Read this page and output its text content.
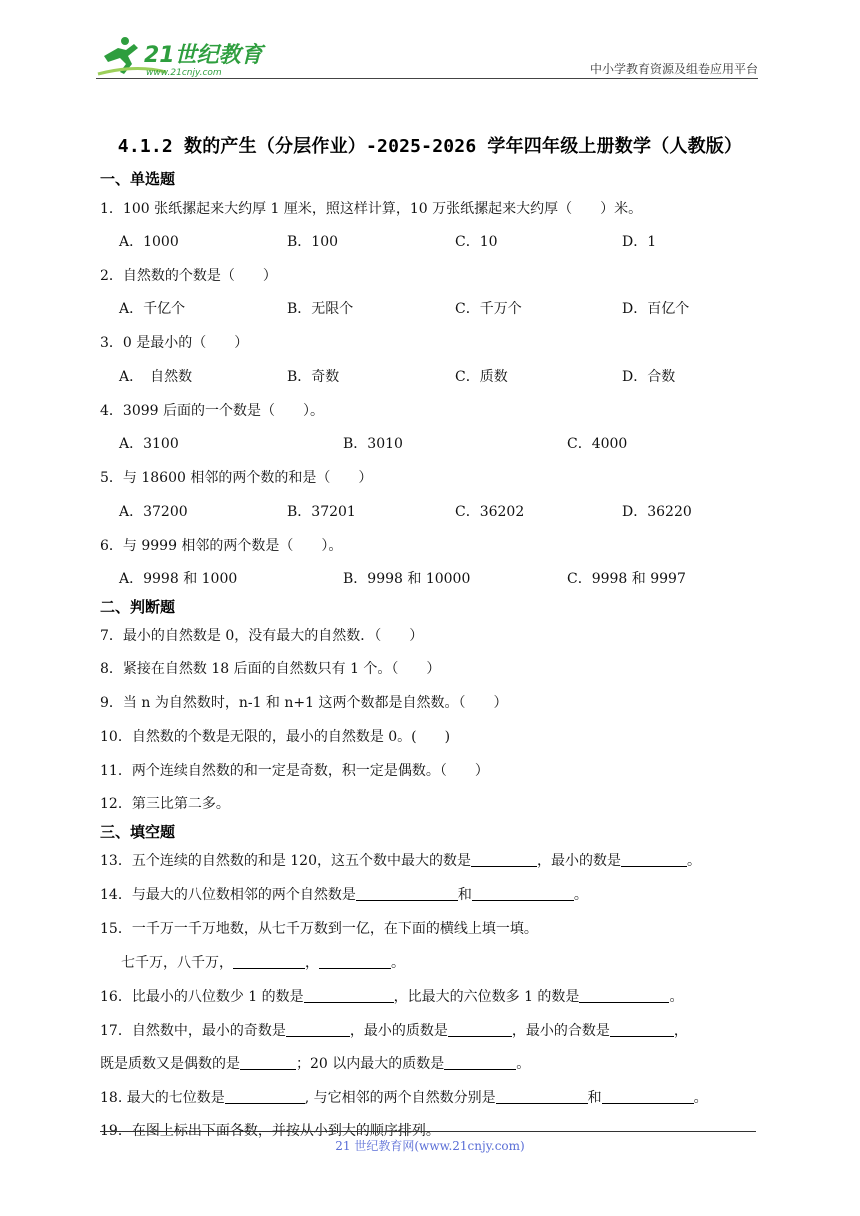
21世纪教育
www.21cnjy.com	中小学教育资源及组卷应用平台
4.1.2 数的产生（分层作业）-2025-2026 学年四年级上册数学（人教版）
一、单选题
1．100 张纸摞起来大约厚 1 厘米，照这样计算，10 万张纸摞起来大约厚（　　）米。
A．1000	B．100	C．10	D．1
2．自然数的个数是（　　）
A．千亿个	B．无限个	C．千万个	D．百亿个
3．0 是最小的（　　）
A．　自然数	B．奇数	C．质数	D．合数
4．3099 后面的一个数是（　　）。
A．3100	B．3010	C．4000
5．与 18600 相邻的两个数的和是（　　）
A．37200	B．37201	C．36202	D．36220
6．与 9999 相邻的两个数是（　　）。
A．9998 和 1000	B．9998 和 10000	C．9998 和 9997
二、判断题
7．最小的自然数是 0，没有最大的自然数．（　　）
8．紧接在自然数 18 后面的自然数只有 1 个。（　　）
9．当 n 为自然数时，n-1 和 n+1 这两个数都是自然数。（　　）
10．自然数的个数是无限的，最小的自然数是 0。(　　)
11．两个连续自然数的和一定是奇数，积一定是偶数。（　　）
12．第三比第二多。
三、填空题
13．五个连续的自然数的和是 120，这五个数中最大的数是	，最小的数是	。
14．与最大的八位数相邻的两个自然数是	和	。
15．一千万一千万地数，从七千万数到一亿，在下面的横线上填一填。
七千万，八千万，	，	。
16．比最小的八位数少 1 的数是	，比最大的六位数多 1 的数是	。
17．自然数中，最小的奇数是	，最小的质数是	，最小的合数是	，
既是质数又是偶数的是	；20 以内最大的质数是	。
18. 最大的七位数是	, 与它相邻的两个自然数分别是	和	。
19．在图上标出下面各数，并按从小到大的顺序排列。
21 世纪教育网(www.21cnjy.com)
